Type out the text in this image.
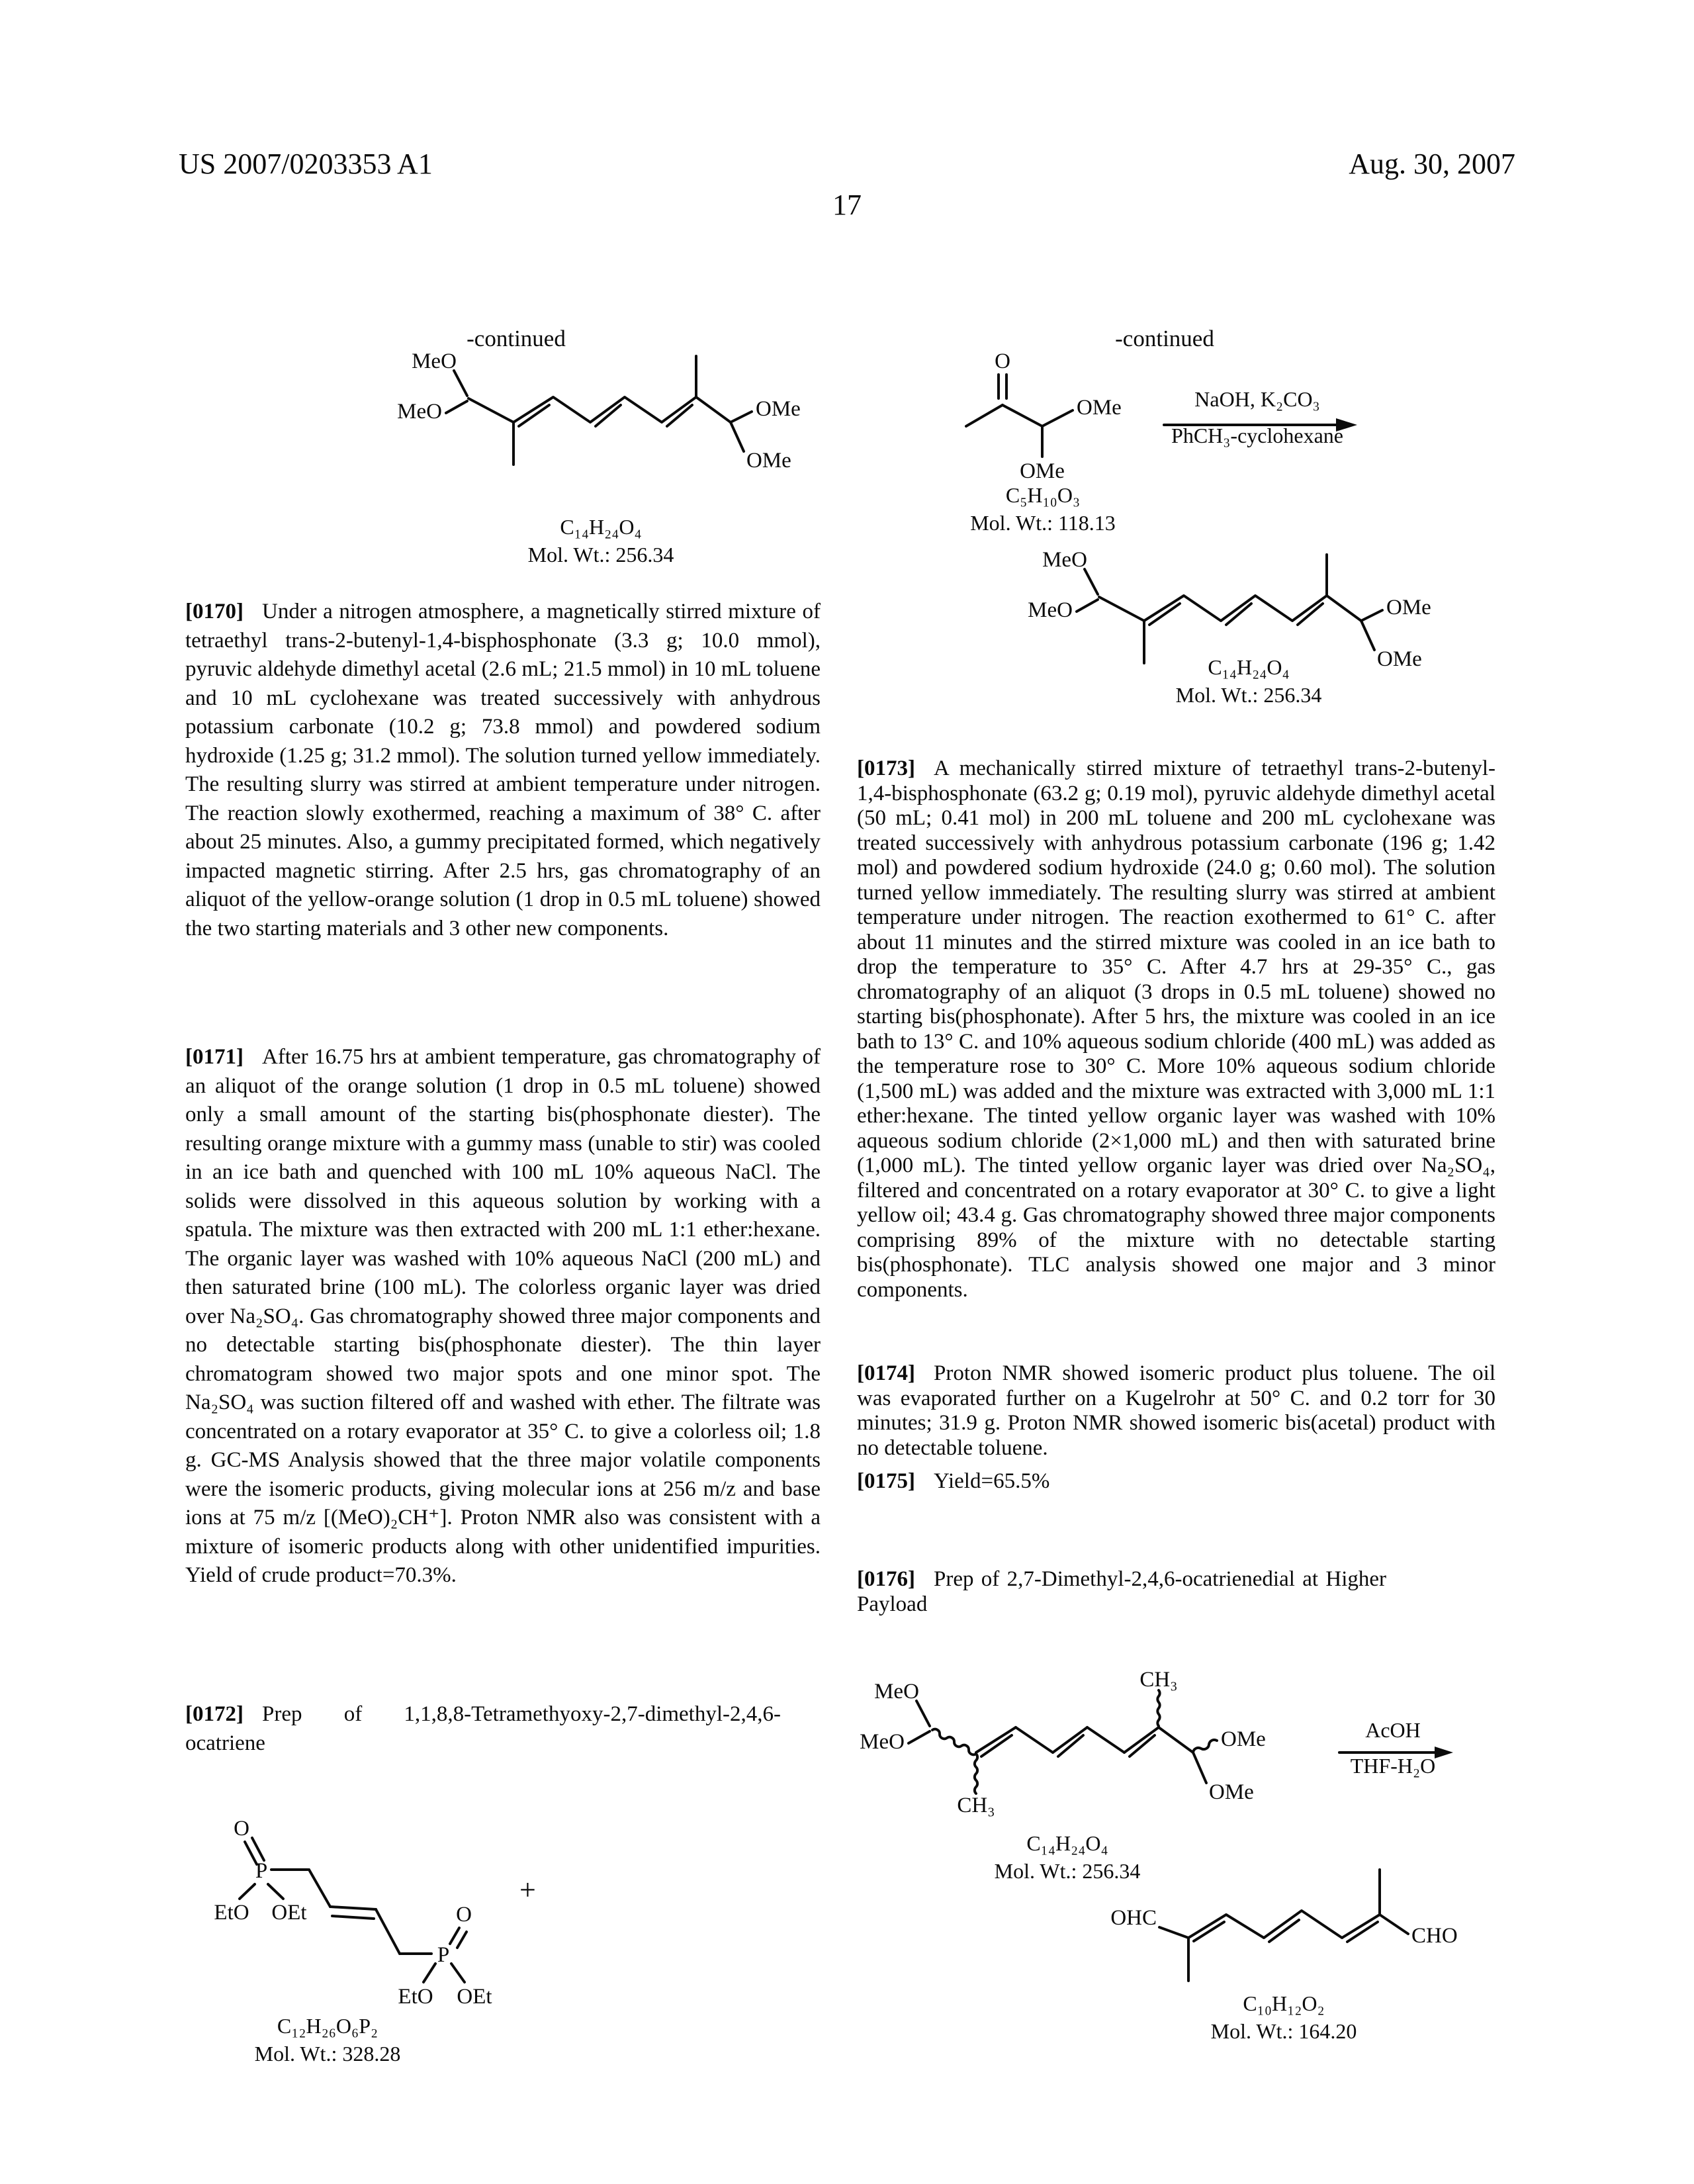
US 2007/0203353 A1	Aug. 30, 2007
17
-continued
MeO
MeO	OMe
OMe
C₁₄H₂₄O₄
Mol. Wt.: 256.34

[0170] Under a nitrogen atmosphere, a magnetically stirred mixture of tetraethyl trans-2-butenyl-1,4-bisphosphonate (3.3 g; 10.0 mmol), pyruvic aldehyde dimethyl acetal (2.6 mL; 21.5 mmol) in 10 mL toluene and 10 mL cyclohexane was treated successively with anhydrous potassium carbonate (10.2 g; 73.8 mmol) and powdered sodium hydroxide (1.25 g; 31.2 mmol). The solution turned yellow immediately. The resulting slurry was stirred at ambient temperature under nitrogen. The reaction slowly exothermed, reaching a maximum of 38° C. after about 25 minutes. Also, a gummy precipitated formed, which negatively impacted magnetic stirring. After 2.5 hrs, gas chromatography of an aliquot of the yellow-orange solution (1 drop in 0.5 mL toluene) showed the two starting materials and 3 other new components.

[0171] After 16.75 hrs at ambient temperature, gas chromatography of an aliquot of the orange solution (1 drop in 0.5 mL toluene) showed only a small amount of the starting bis(phosphonate diester). The resulting orange mixture with a gummy mass (unable to stir) was cooled in an ice bath and quenched with 100 mL 10% aqueous NaCl. The solids were dissolved in this aqueous solution by working with a spatula. The mixture was then extracted with 200 mL 1:1 ether:hexane. The organic layer was washed with 10% aqueous NaCl (200 mL) and then saturated brine (100 mL). The colorless organic layer was dried over Na₂SO₄. Gas chromatography showed three major components and no detectable starting bis(phosphonate diester). The thin layer chromatogram showed two major spots and one minor spot. The Na₂SO₄ was suction filtered off and washed with ether. The filtrate was concentrated on a rotary evaporator at 35° C. to give a colorless oil; 1.8 g. GC-MS Analysis showed that the three major volatile components were the isomeric products, giving molecular ions at 256 m/z and base ions at 75 m/z [(MeO)₂CH⁺]. Proton NMR also was consistent with a mixture of isomeric products along with other unidentified impurities. Yield of crude product=70.3%.

[0172] Prep of 1,1,8,8-Tetramethyoxy-2,7-dimethyl-2,4,6-ocatriene

O
P
EtO OEt	O
P
EtO OEt
+
C₁₂H₂₆O₆P₂
Mol. Wt.: 328.28
-continued
O
OMe
OMe
C₅H₁₀O₃
Mol. Wt.: 118.13
NaOH, K₂CO₃
PhCH₃-cyclohexane
MeO
MeO	OMe
OMe
C₁₄H₂₄O₄
Mol. Wt.: 256.34

[0173] A mechanically stirred mixture of tetraethyl trans-2-butenyl-1,4-bisphosphonate (63.2 g; 0.19 mol), pyruvic aldehyde dimethyl acetal (50 mL; 0.41 mol) in 200 mL toluene and 200 mL cyclohexane was treated successively with anhydrous potassium carbonate (196 g; 1.42 mol) and powdered sodium hydroxide (24.0 g; 0.60 mol). The solution turned yellow immediately. The resulting slurry was stirred at ambient temperature under nitrogen. The reaction exothermed to 61° C. after about 11 minutes and the stirred mixture was cooled in an ice bath to drop the temperature to 35° C. After 4.7 hrs at 29-35° C., gas chromatography of an aliquot (3 drops in 0.5 mL toluene) showed no starting bis(phosphonate). After 5 hrs, the mixture was cooled in an ice bath to 13° C. and 10% aqueous sodium chloride (400 mL) was added as the temperature rose to 30° C. More 10% aqueous sodium chloride (1,500 mL) was added and the mixture was extracted with 3,000 mL 1:1 ether:hexane. The tinted yellow organic layer was washed with 10% aqueous sodium chloride (2×1,000 mL) and then with saturated brine (1,000 mL). The tinted yellow organic layer was dried over Na₂SO₄, filtered and concentrated on a rotary evaporator at 30° C. to give a light yellow oil; 43.4 g. Gas chromatography showed three major components comprising 89% of the mixture with no detectable starting bis(phosphonate). TLC analysis showed one major and 3 minor components.

[0174] Proton NMR showed isomeric product plus toluene. The oil was evaporated further on a Kugelrohr at 50° C. and 0.2 torr for 30 minutes; 31.9 g. Proton NMR showed isomeric bis(acetal) product with no detectable toluene.

[0175] Yield=65.5%

[0176] Prep of 2,7-Dimethyl-2,4,6-ocatrienedial at Higher Payload

MeO
MeO
CH₃
CH₃
OMe
OMe
C₁₄H₂₄O₄
Mol. Wt.: 256.34
AcOH
THF-H₂O
OHC
CHO
C₁₀H₁₂O₂
Mol. Wt.: 164.20
